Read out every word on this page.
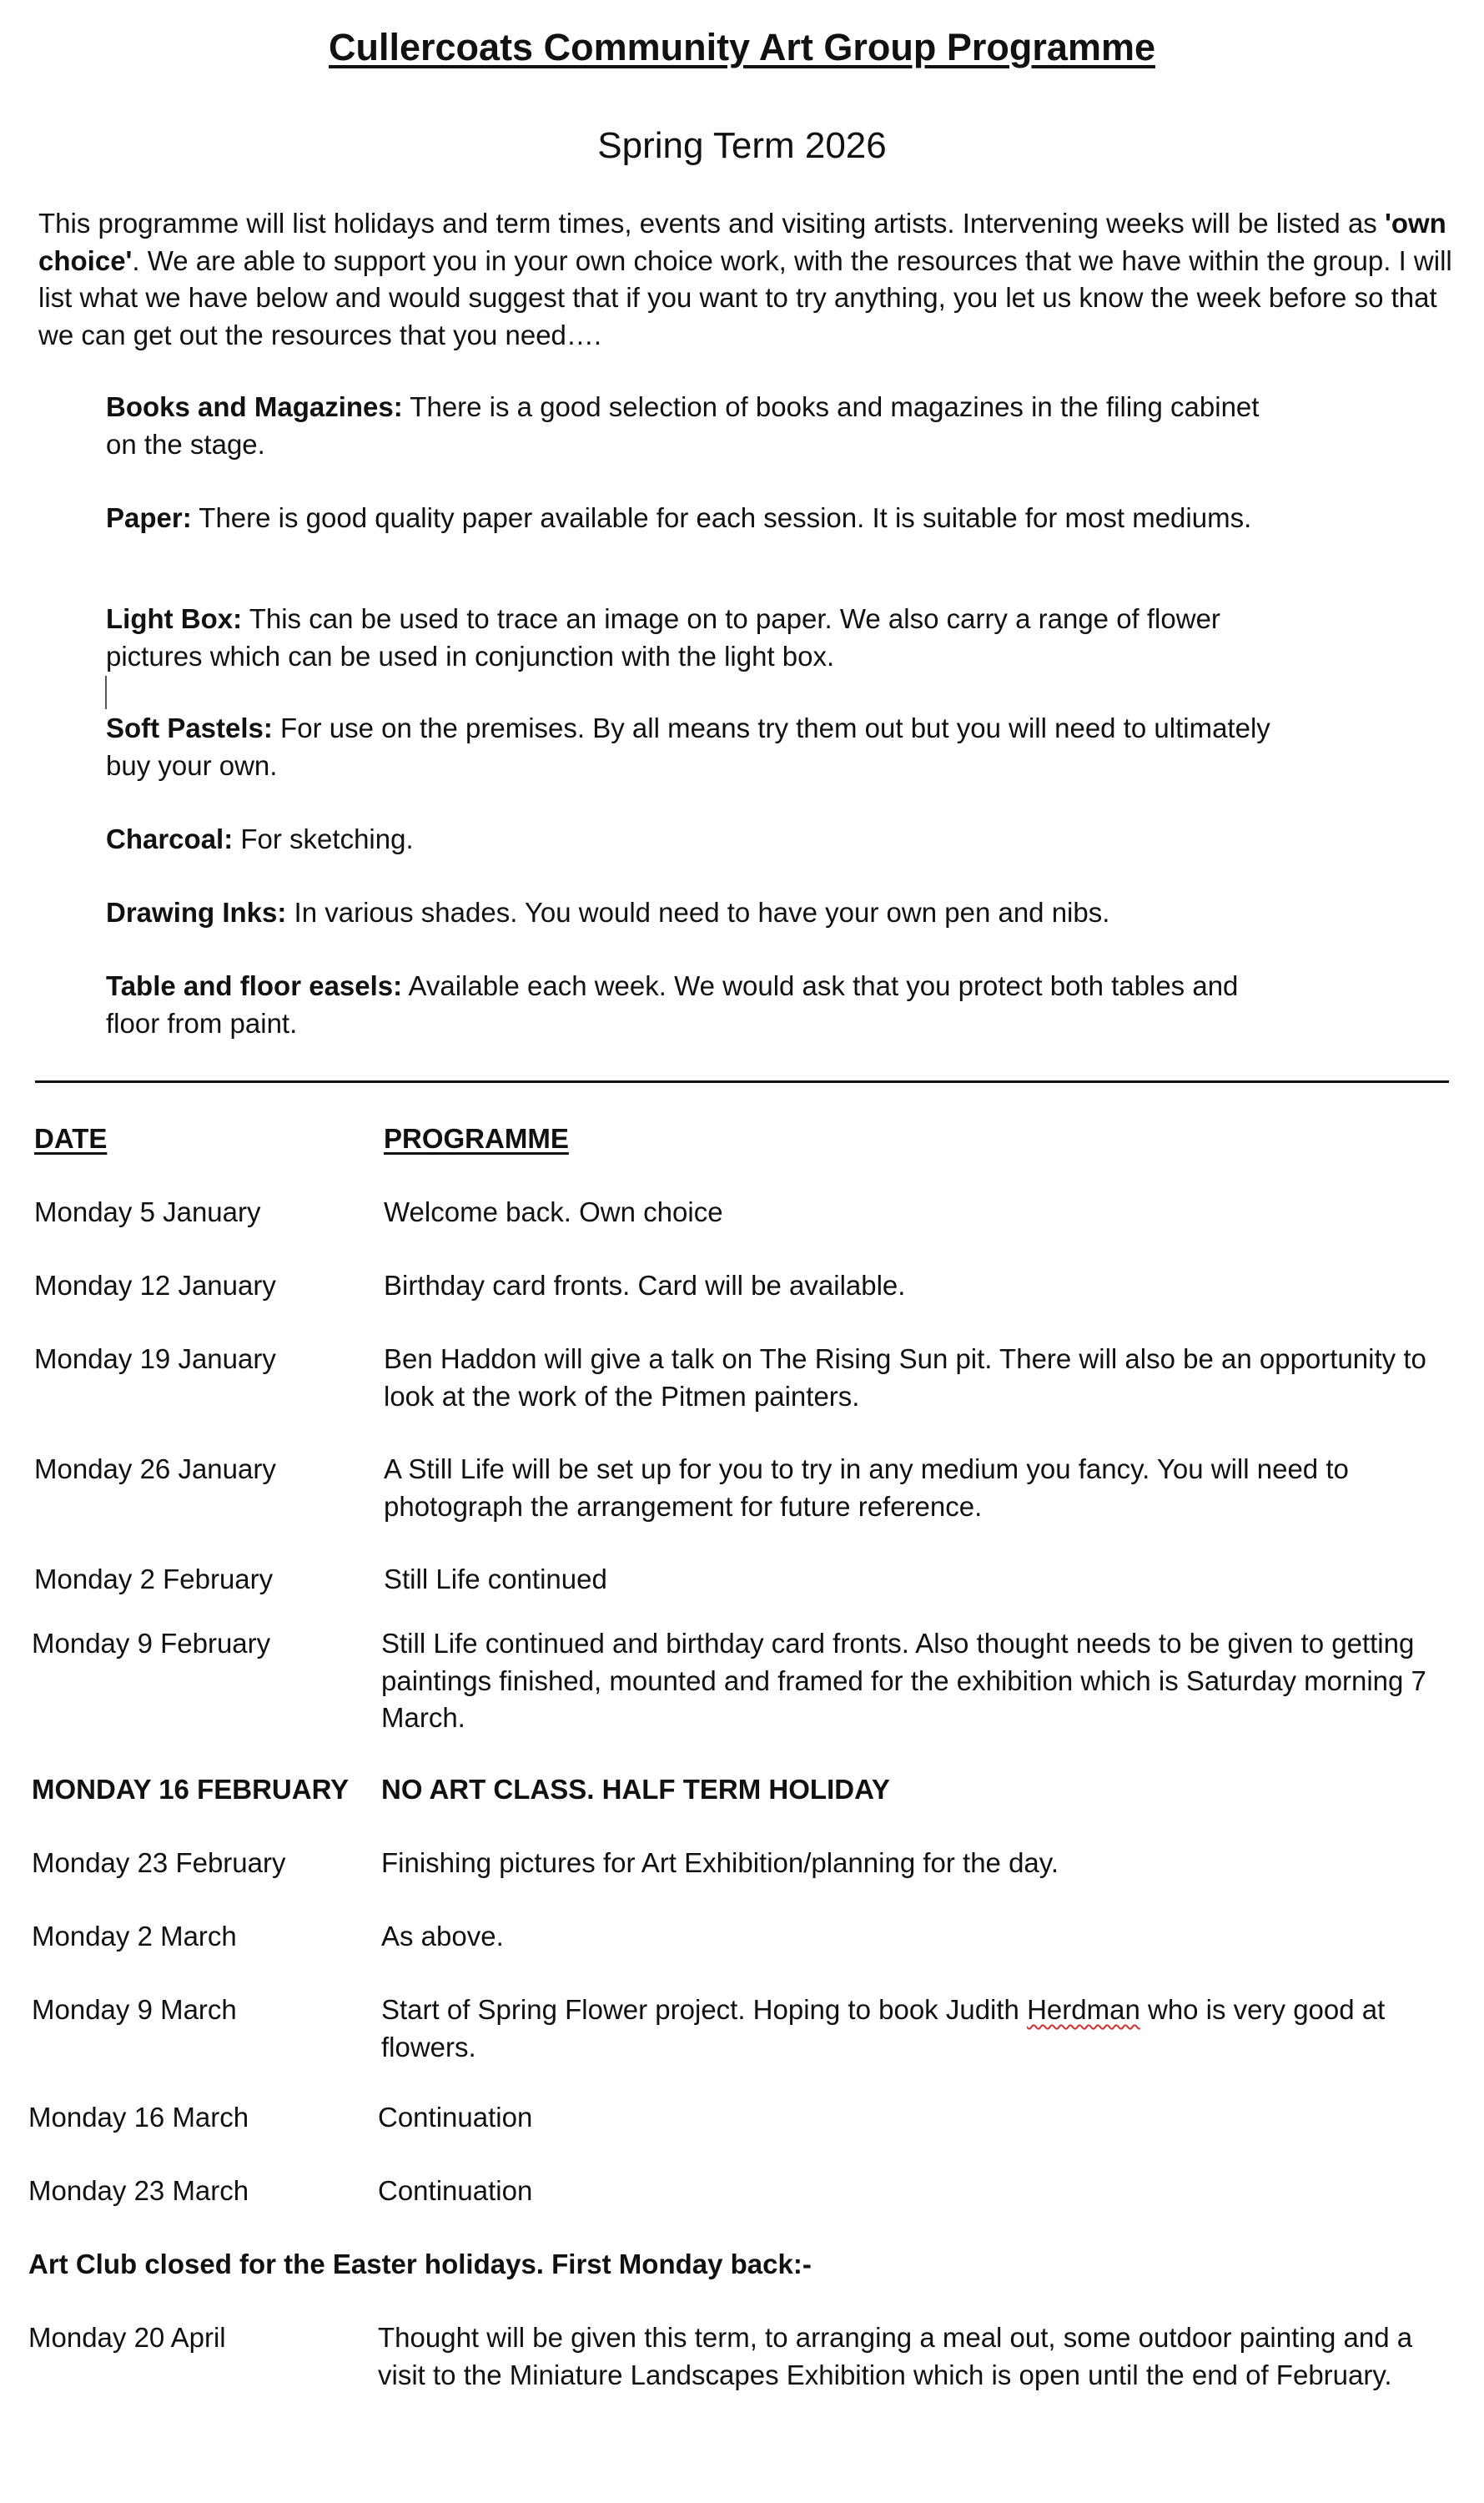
Cullercoats Community Art Group Programme
Spring Term 2026

This programme will list holidays and term times, events and visiting artists. Intervening weeks will be listed as 'own choice'. We are able to support you in your own choice work, with the resources that we have within the group. I will list what we have below and would suggest that if you want to try anything, you let us know the week before so that we can get out the resources that you need….

Books and Magazines: There is a good selection of books and magazines in the filing cabinet on the stage.

Paper: There is good quality paper available for each session. It is suitable for most mediums.

Light Box: This can be used to trace an image on to paper. We also carry a range of flower pictures which can be used in conjunction with the light box.

Soft Pastels: For use on the premises. By all means try them out but you will need to ultimately buy your own.

Charcoal: For sketching.

Drawing Inks: In various shades. You would need to have your own pen and nibs.

Table and floor easels: Available each week. We would ask that you protect both tables and floor from paint.

DATE	PROGRAMME
Monday 5 January	Welcome back. Own choice
Monday 12 January	Birthday card fronts. Card will be available.
Monday 19 January	Ben Haddon will give a talk on The Rising Sun pit. There will also be an opportunity to look at the work of the Pitmen painters.
Monday 26 January	A Still Life will be set up for you to try in any medium you fancy. You will need to photograph the arrangement for future reference.
Monday 2 February	Still Life continued
Monday 9 February	Still Life continued and birthday card fronts. Also thought needs to be given to getting paintings finished, mounted and framed for the exhibition which is Saturday morning 7 March.
MONDAY 16 FEBRUARY NO ART CLASS. HALF TERM HOLIDAY
Monday 23 February	Finishing pictures for Art Exhibition/planning for the day.
Monday 2 March	As above.
Monday 9 March	Start of Spring Flower project. Hoping to book Judith Herdman who is very good at flowers.
Monday 16 March	Continuation
Monday 23 March	Continuation
Art Club closed for the Easter holidays. First Monday back:-
Monday 20 April	Thought will be given this term, to arranging a meal out, some outdoor painting and a visit to the Miniature Landscapes Exhibition which is open until the end of February.
